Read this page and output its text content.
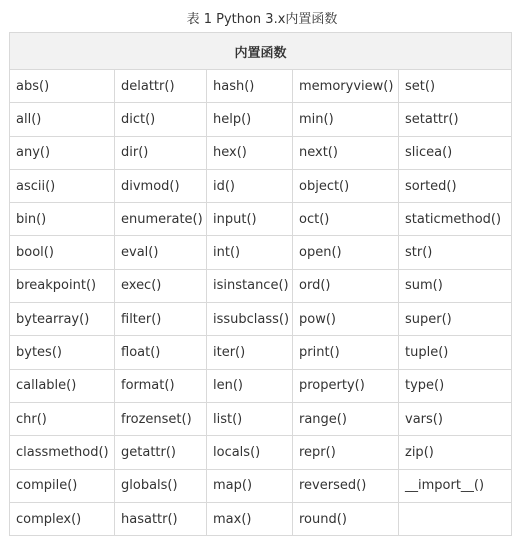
表 1 Python 3.x内置函数
内置函数				
abs()	delattr()	hash()	memoryview()	set()
all()	dict()	help()	min()	setattr()
any()	dir()	hex()	next()	slicea()
ascii()	divmod()	id()	object()	sorted()
bin()	enumerate()	input()	oct()	staticmethod()
bool()	eval()	int()	open()	str()
breakpoint()	exec()	isinstance()	ord()	sum()
bytearray()	filter()	issubclass()	pow()	super()
bytes()	float()	iter()	print()	tuple()
callable()	format()	len()	property()	type()
chr()	frozenset()	list()	range()	vars()
classmethod()	getattr()	locals()	repr()	zip()
compile()	globals()	map()	reversed()	__import__()
complex()	hasattr()	max()	round()	
